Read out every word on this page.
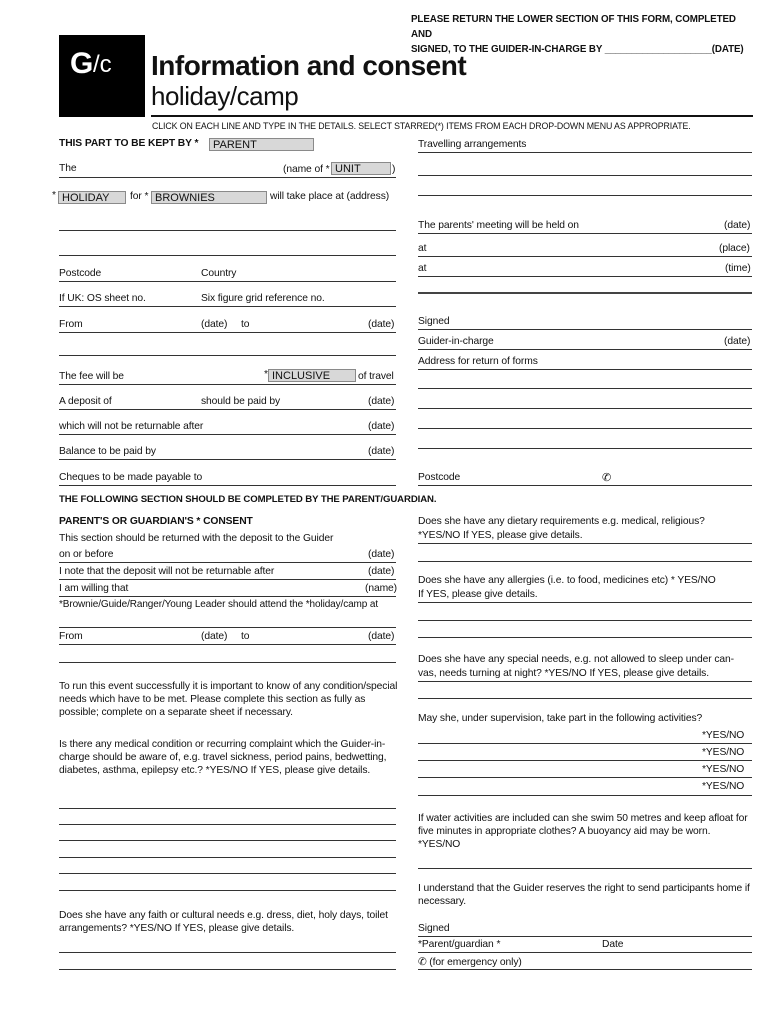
PLEASE RETURN THE LOWER SECTION OF THIS FORM, COMPLETED
AND
SIGNED, TO THE GUIDER-IN-CHARGE BY ____________________(DATE)
G /c Information and consent
holiday/camp
CLICK ON EACH LINE AND TYPE IN THE DETAILS. SELECT STARRED(*) ITEMS FROM EACH DROP-DOWN MENU AS APPROPRIATE.
THIS PART TO BE KEPT BY *	PARENT
The	(name of * UNIT	)
* HOLIDAY	for * BROWNIES	will take place at (address)
Postcode	Country
If UK: OS sheet no.	Six figure grid reference no.
From	(date) to	(date)
The fee will be	* INCLUSIVE	of travel
A deposit of	should be paid by	(date)
which will not be returnable after	(date)
Balance to be paid by	(date)
Cheques to be made payable to
Travelling arrangements
The parents' meeting will be held on	(date)
at	(place)
at	(time)
Signed
Guider-in-charge	(date)
Address for return of forms
Postcode	✆
THE FOLLOWING SECTION SHOULD BE COMPLETED BY THE PARENT/GUARDIAN.
PARENT'S OR GUARDIAN'S * CONSENT
This section should be returned with the deposit to the Guider
on or before	(date)
I note that the deposit will not be returnable after	(date)
I am willing that	(name)
*Brownie/Guide/Ranger/Young Leader should attend the *holiday/camp at
From	(date) to	(date)
To run this event successfully it is important to know of any condition/special needs which have to be met. Please complete this section as fully as possible; complete on a separate sheet if necessary.
Is there any medical condition or recurring complaint which the Guider-in-charge should be aware of, e.g. travel sickness, period pains, bedwetting, diabetes, asthma, epilepsy etc.? *YES/NO If YES, please give details.
Does she have any faith or cultural needs e.g. dress, diet, holy days, toilet arrangements? *YES/NO If YES, please give details.
Does she have any dietary requirements e.g. medical, religious?
*YES/NO If YES, please give details.
Does she have any allergies (i.e. to food, medicines etc) * YES/NO
If YES, please give details.
Does she have any special needs, e.g. not allowed to sleep under can-
vas, needs turning at night? *YES/NO If YES, please give details.
May she, under supervision, take part in the following activities?
*YES/NO
*YES/NO
*YES/NO
*YES/NO
If water activities are included can she swim 50 metres and keep afloat for five minutes in appropriate clothes? A buoyancy aid may be worn. *YES/NO
I understand that the Guider reserves the right to send participants home if necessary.
Signed
*Parent/guardian *	Date
✆ (for emergency only)
